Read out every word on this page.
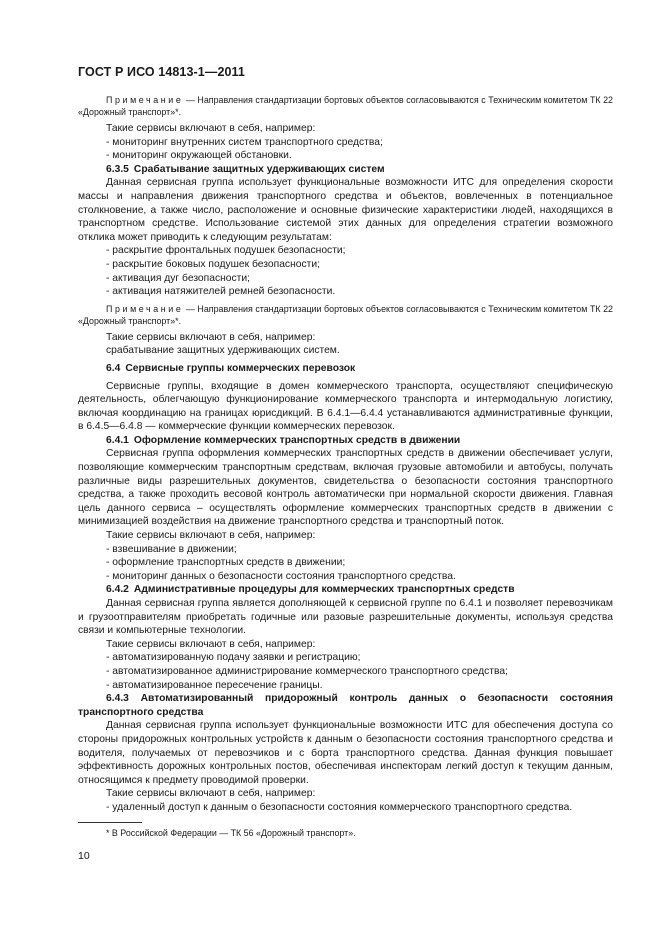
ГОСТ Р ИСО 14813-1—2011

Примечание — Направления стандартизации бортовых объектов согласовываются с Техническим комитетом ТК 22 «Дорожный транспорт»*.

Такие сервисы включают в себя, например:

- мониторинг внутренних систем транспортного средства;

- мониторинг окружающей обстановки.

6.3.5 Срабатывание защитных удерживающих систем

Данная сервисная группа использует функциональные возможности ИТС для определения скорости массы и направления движения транспортного средства и объектов, вовлеченных в потенциальное столкновение, а также число, расположение и основные физические характеристики людей, находящихся в транспортном средстве. Использование системой этих данных для определения стратегии возможного отклика может приводить к следующим результатам:

- раскрытие фронтальных подушек безопасности;

- раскрытие боковых подушек безопасности;

- активация дуг безопасности;

- активация натяжителей ремней безопасности.

Примечание — Направления стандартизации бортовых объектов согласовываются с Техническим комитетом ТК 22 «Дорожный транспорт»*.

Такие сервисы включают в себя, например:

срабатывание защитных удерживающих систем.

6.4 Сервисные группы коммерческих перевозок

Сервисные группы, входящие в домен коммерческого транспорта, осуществляют специфическую деятельность, облегчающую функционирование коммерческого транспорта и интермодальную логистику, включая координацию на границах юрисдикций. В 6.4.1—6.4.4 устанавливаются административные функции, в 6.4.5—6.4.8 — коммерческие функции коммерческих перевозок.

6.4.1 Оформление коммерческих транспортных средств в движении

Сервисная группа оформления коммерческих транспортных средств в движении обеспечивает услуги, позволяющие коммерческим транспортным средствам, включая грузовые автомобили и автобусы, получать различные виды разрешительных документов, свидетельства о безопасности состояния транспортного средства, а также проходить весовой контроль автоматически при нормальной скорости движения. Главная цель данного сервиса – осуществлять оформление коммерческих транспортных средств в движении с минимизацией воздействия на движение транспортного средства и транспортный поток.

Такие сервисы включают в себя, например:

- взвешивание в движении;

- оформление транспортных средств в движении;

- мониторинг данных о безопасности состояния транспортного средства.

6.4.2 Административные процедуры для коммерческих транспортных средств

Данная сервисная группа является дополняющей к сервисной группе по 6.4.1 и позволяет перевозчикам и грузоотправителям приобретать годичные или разовые разрешительные документы, используя средства связи и компьютерные технологии.

Такие сервисы включают в себя, например:

- автоматизированную подачу заявки и регистрацию;

- автоматизированное администрирование коммерческого транспортного средства;

- автоматизированное пересечение границы.

6.4.3 Автоматизированный придорожный контроль данных о безопасности состояния транспортного средства

Данная сервисная группа использует функциональные возможности ИТС для обеспечения доступа со стороны придорожных контрольных устройств к данным о безопасности состояния транспортного средства и водителя, получаемых от перевозчиков и с борта транспортного средства. Данная функция повышает эффективность дорожных контрольных постов, обеспечивая инспекторам легкий доступ к текущим данным, относящимся к предмету проводимой проверки.

Такие сервисы включают в себя, например:

- удаленный доступ к данным о безопасности состояния коммерческого транспортного средства.

* В Российской Федерации — ТК 56 «Дорожный транспорт».
10
